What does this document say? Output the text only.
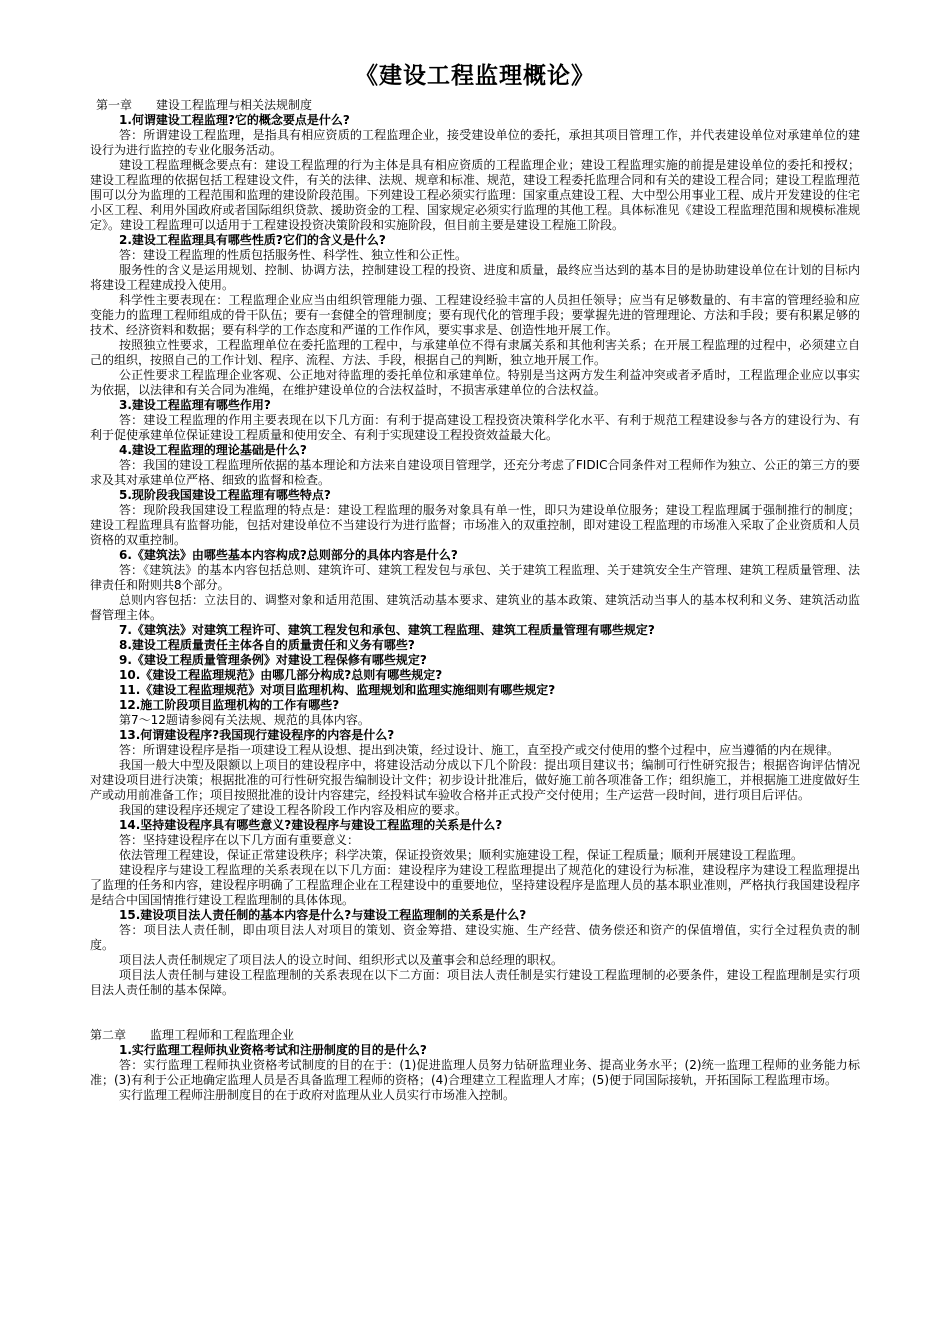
《建设工程监理概论》
第一章　　建设工程监理与相关法规制度
1.何谓建设工程监理?它的概念要点是什么?
答：所谓建设工程监理，是指具有相应资质的工程监理企业，接受建设单位的委托，承担其项目管理工作，并代表建设单位对承建单位的建设行为进行监控的专业化服务活动。
建设工程监理概念要点有：建设工程监理的行为主体是具有相应资质的工程监理企业；建设工程监理实施的前提是建设单位的委托和授权；建设工程监理的依据包括工程建设文件，有关的法律、法规、规章和标准、规范，建设工程委托监理合同和有关的建设工程合同；建设工程监理范围可以分为监理的工程范围和监理的建设阶段范围。下列建设工程必须实行监理：国家重点建设工程、大中型公用事业工程、成片开发建设的住宅小区工程、利用外国政府或者国际组织贷款、援助资金的工程、国家规定必须实行监理的其他工程。具体标准见《建设工程监理范围和规模标准规定》。建设工程监理可以适用于工程建设投资决策阶段和实施阶段，但目前主要是建设工程施工阶段。
2.建设工程监理具有哪些性质?它们的含义是什么?
答：建设工程监理的性质包括服务性、科学性、独立性和公正性。
服务性的含义是运用规划、控制、协调方法，控制建设工程的投资、进度和质量，最终应当达到的基本目的是协助建设单位在计划的目标内将建设工程建成投入使用。
科学性主要表现在：工程监理企业应当由组织管理能力强、工程建设经验丰富的人员担任领导；应当有足够数量的、有丰富的管理经验和应变能力的监理工程师组成的骨干队伍；要有一套健全的管理制度；要有现代化的管理手段；要掌握先进的管理理论、方法和手段；要有积累足够的技术、经济资料和数据；要有科学的工作态度和严谨的工作作风，要实事求是、创造性地开展工作。
按照独立性要求，工程监理单位在委托监理的工程中，与承建单位不得有隶属关系和其他利害关系；在开展工程监理的过程中，必须建立自己的组织，按照自己的工作计划、程序、流程、方法、手段，根据自己的判断，独立地开展工作。
公正性要求工程监理企业客观、公正地对待监理的委托单位和承建单位。特别是当这两方发生利益冲突或者矛盾时，工程监理企业应以事实为依据，以法律和有关合同为准绳，在维护建设单位的合法权益时，不损害承建单位的合法权益。
3.建设工程监理有哪些作用?
答：建设工程监理的作用主要表现在以下几方面：有利于提高建设工程投资决策科学化水平、有利于规范工程建设参与各方的建设行为、有利于促使承建单位保证建设工程质量和使用安全、有利于实现建设工程投资效益最大化。
4.建设工程监理的理论基础是什么?
答：我国的建设工程监理所依据的基本理论和方法来自建设项目管理学，还充分考虑了FIDIC合同条件对工程师作为独立、公正的第三方的要求及其对承建单位严格、细致的监督和检查。
5.现阶段我国建设工程监理有哪些特点?
答：现阶段我国建设工程监理的特点是：建设工程监理的服务对象具有单一性，即只为建设单位服务；建设工程监理属于强制推行的制度；建设工程监理具有监督功能，包括对建设单位不当建设行为进行监督；市场准入的双重控制，即对建设工程监理的市场准入采取了企业资质和人员资格的双重控制。
6.《建筑法》由哪些基本内容构成?总则部分的具体内容是什么?
答：《建筑法》的基本内容包括总则、建筑许可、建筑工程发包与承包、关于建筑工程监理、关于建筑安全生产管理、建筑工程质量管理、法律责任和附则共8个部分。
总则内容包括：立法目的、调整对象和适用范围、建筑活动基本要求、建筑业的基本政策、建筑活动当事人的基本权利和义务、建筑活动监督管理主体。
7.《建筑法》对建筑工程许可、建筑工程发包和承包、建筑工程监理、建筑工程质量管理有哪些规定?
8.建设工程质量责任主体各自的质量责任和义务有哪些?
9.《建设工程质量管理条例》对建设工程保修有哪些规定?
10.《建设工程监理规范》由哪几部分构成?总则有哪些规定?
11.《建设工程监理规范》对项目监理机构、监理规划和监理实施细则有哪些规定?
12.施工阶段项目监理机构的工作有哪些?
第7～12题请参阅有关法规、规范的具体内容。
13.何谓建设程序?我国现行建设程序的内容是什么?
答：所谓建设程序是指一项建设工程从设想、提出到决策，经过设计、施工，直至投产或交付使用的整个过程中，应当遵循的内在规律。
我国一般大中型及限额以上项目的建设程序中，将建设活动分成以下几个阶段：提出项目建议书；编制可行性研究报告；根据咨询评估情况对建设项目进行决策；根据批准的可行性研究报告编制设计文件；初步设计批准后，做好施工前各项准备工作；组织施工，并根据施工进度做好生产或动用前准备工作；项目按照批准的设计内容建完，经投料试车验收合格并正式投产交付使用；生产运营一段时间，进行项目后评估。
我国的建设程序还规定了建设工程各阶段工作内容及相应的要求。
14.坚持建设程序具有哪些意义?建设程序与建设工程监理的关系是什么?
答：坚持建设程序在以下几方面有重要意义：
依法管理工程建设，保证正常建设秩序；科学决策，保证投资效果；顺利实施建设工程，保证工程质量；顺利开展建设工程监理。
建设程序与建设工程监理的关系表现在以下几方面：建设程序为建设工程监理提出了规范化的建设行为标准，建设程序为建设工程监理提出了监理的任务和内容，建设程序明确了工程监理企业在工程建设中的重要地位，坚持建设程序是监理人员的基本职业准则，严格执行我国建设程序是结合中国国情推行建设工程监理制的具体体现。
15.建设项目法人责任制的基本内容是什么?与建设工程监理制的关系是什么?
答：项目法人责任制，即由项目法人对项目的策划、资金筹措、建设实施、生产经营、债务偿还和资产的保值增值，实行全过程负责的制度。
项目法人责任制规定了项目法人的设立时间、组织形式以及董事会和总经理的职权。
项目法人责任制与建设工程监理制的关系表现在以下二方面：项目法人责任制是实行建设工程监理制的必要条件，建设工程监理制是实行项目法人责任制的基本保障。
第二章　　监理工程师和工程监理企业
1.实行监理工程师执业资格考试和注册制度的目的是什么?
答：实行监理工程师执业资格考试制度的目的在于：(1)促进监理人员努力钻研监理业务、提高业务水平；(2)统一监理工程师的业务能力标准；(3)有利于公正地确定监理人员是否具备监理工程师的资格；(4)合理建立工程监理人才库；(5)便于同国际接轨，开拓国际工程监理市场。
实行监理工程师注册制度目的在于政府对监理从业人员实行市场准入控制。
